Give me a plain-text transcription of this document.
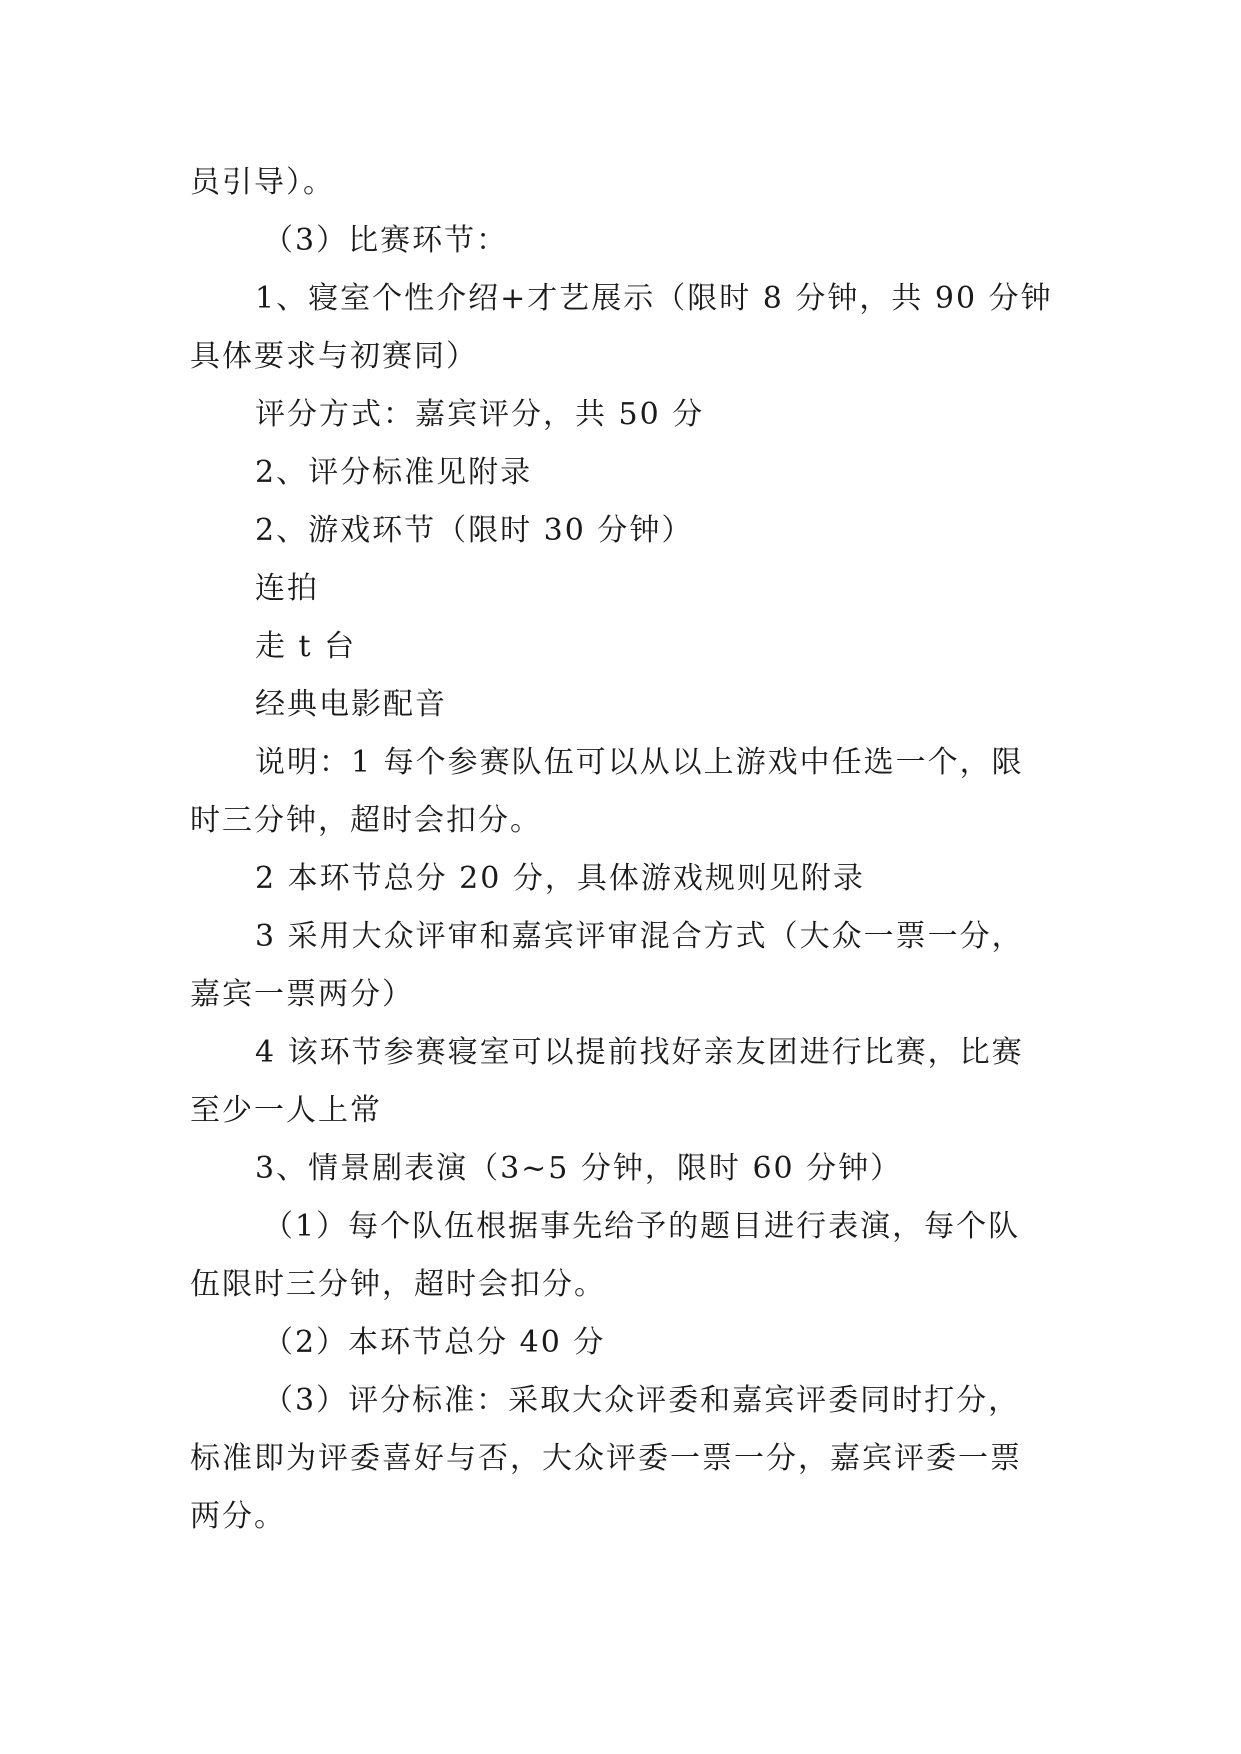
员引导）。
（3）比赛环节：
1、寝室个性介绍+才艺展示（限时 8 分钟，共 90 分钟
具体要求与初赛同）
评分方式：嘉宾评分，共 50 分
2、评分标准见附录
2、游戏环节（限时 30 分钟）
连拍
走 t 台
经典电影配音
说明：1 每个参赛队伍可以从以上游戏中任选一个，限
时三分钟，超时会扣分。
2 本环节总分 20 分，具体游戏规则见附录
3 采用大众评审和嘉宾评审混合方式（大众一票一分，
嘉宾一票两分）
4 该环节参赛寝室可以提前找好亲友团进行比赛，比赛
至少一人上常
3、情景剧表演（3~5 分钟，限时 60 分钟）
（1）每个队伍根据事先给予的题目进行表演，每个队
伍限时三分钟，超时会扣分。
（2）本环节总分 40 分
（3）评分标准：采取大众评委和嘉宾评委同时打分，
标准即为评委喜好与否，大众评委一票一分，嘉宾评委一票
两分。
